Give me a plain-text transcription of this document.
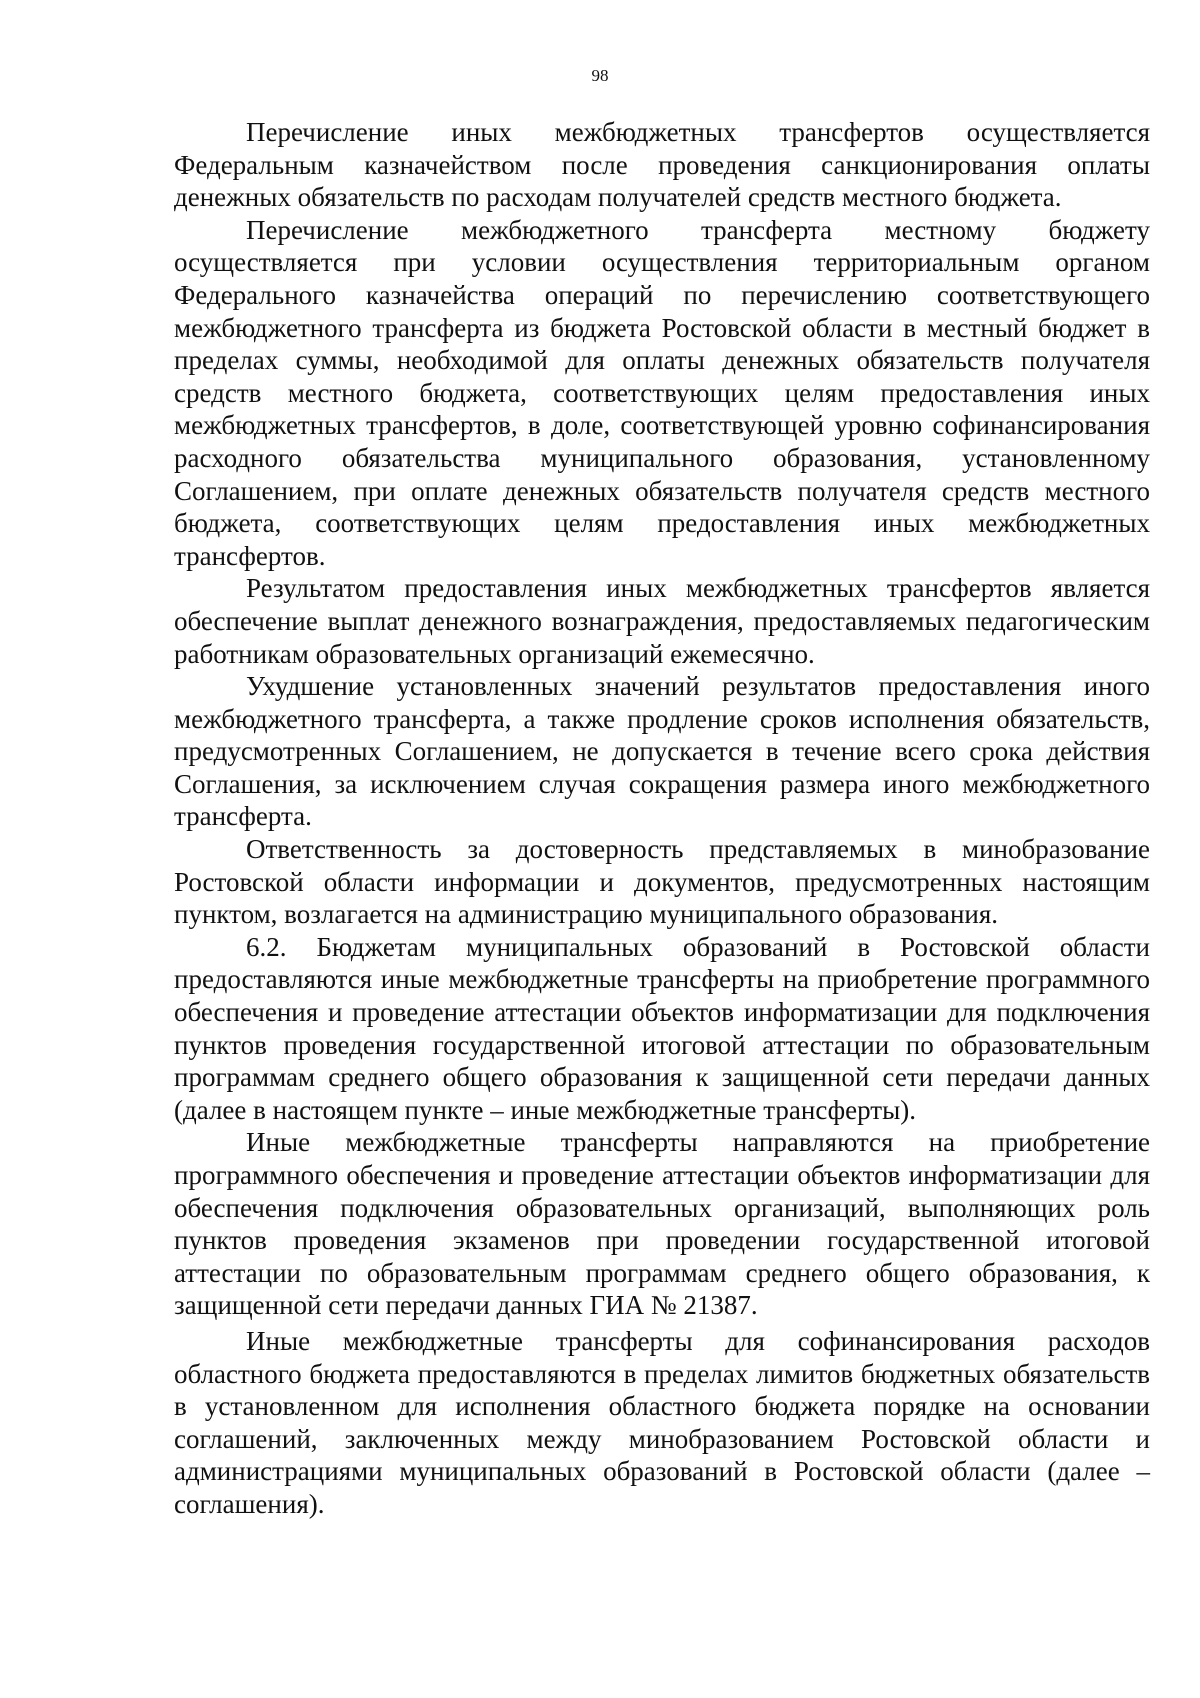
98

Перечисление иных межбюджетных трансфертов осуществляется Федеральным казначейством после проведения санкционирования оплаты денежных обязательств по расходам получателей средств местного бюджета.

Перечисление межбюджетного трансферта местному бюджету осуществляется при условии осуществления территориальным органом Федерального казначейства операций по перечислению соответствующего межбюджетного трансферта из бюджета Ростовской области в местный бюджет в пределах суммы, необходимой для оплаты денежных обязательств получателя средств местного бюджета, соответствующих целям предоставления иных межбюджетных трансфертов, в доле, соответствующей уровню софинансирования расходного обязательства муниципального образования, установленному Соглашением, при оплате денежных обязательств получателя средств местного бюджета, соответствующих целям предоставления иных межбюджетных трансфертов.

Результатом предоставления иных межбюджетных трансфертов является обеспечение выплат денежного вознаграждения, предоставляемых педагогическим работникам образовательных организаций ежемесячно.

Ухудшение установленных значений результатов предоставления иного межбюджетного трансферта, а также продление сроков исполнения обязательств, предусмотренных Соглашением, не допускается в течение всего срока действия Соглашения, за исключением случая сокращения размера иного межбюджетного трансферта.

Ответственность за достоверность представляемых в минобразование Ростовской области информации и документов, предусмотренных настоящим пунктом, возлагается на администрацию муниципального образования.

6.2. Бюджетам муниципальных образований в Ростовской области предоставляются иные межбюджетные трансферты на приобретение программного обеспечения и проведение аттестации объектов информатизации для подключения пунктов проведения государственной итоговой аттестации по образовательным программам среднего общего образования к защищенной сети передачи данных (далее в настоящем пункте – иные межбюджетные трансферты).

Иные межбюджетные трансферты направляются на приобретение программного обеспечения и проведение аттестации объектов информатизации для обеспечения подключения образовательных организаций, выполняющих роль пунктов проведения экзаменов при проведении государственной итоговой аттестации по образовательным программам среднего общего образования, к защищенной сети передачи данных ГИА № 21387.

Иные межбюджетные трансферты для софинансирования расходов областного бюджета предоставляются в пределах лимитов бюджетных обязательств в установленном для исполнения областного бюджета порядке на основании соглашений, заключенных между минобразованием Ростовской области и администрациями муниципальных образований в Ростовской области (далее – соглашения).
